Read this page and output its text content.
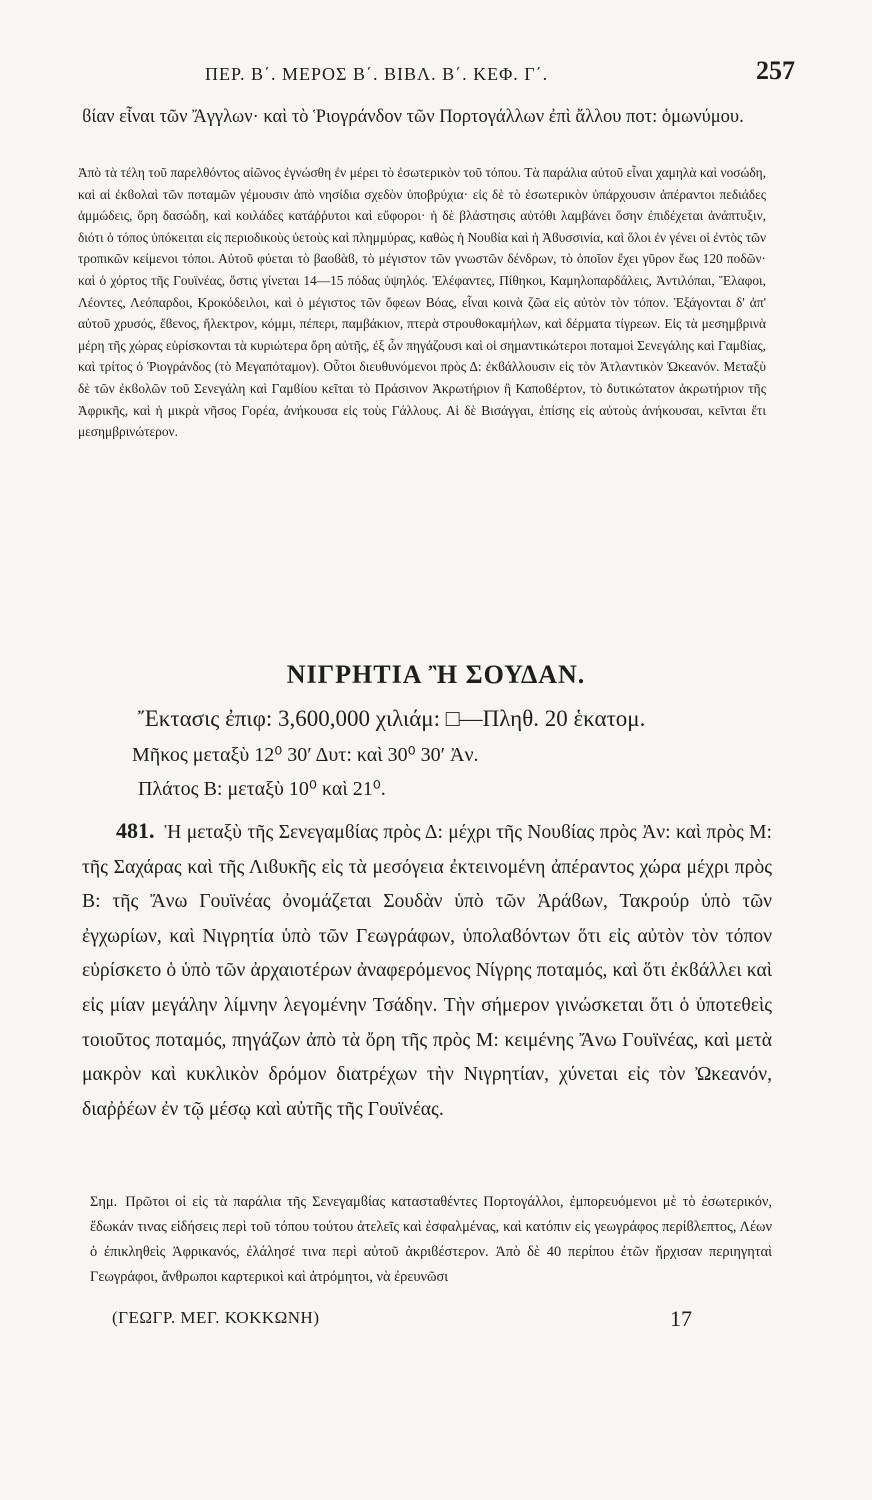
ΠΕΡ. Β΄. ΜΕΡΟΣ Β΄. ΒΙΒΛ. Β΄. ΚΕΦ. Γ΄.	257
ϐίαν εἶναι τῶν Ἄγγλων· καὶ τὸ Ῥιογράνδον τῶν Πορτογάλλων ἐπὶ ἄλλου ποτ: ὁμωνύμου.
Ἀπὸ τὰ τέλη τοῦ παρελθόντος αἰῶνος ἐγνώσθη ἐν μέρει τὸ ἐσωτερικὸν τοῦ τόπου. Τὰ παράλια αὐτοῦ εἶναι χαμηλὰ καὶ νοσώδη, καὶ αἱ ἐκϐολαὶ τῶν ποταμῶν γέμουσιν ἀπὸ νησίδια σχεδὸν ὑποβρύχια· εἰς δὲ τὸ ἐσωτερικὸν ὑπάρχουσιν ἀπέραντοι πεδιάδες ἀμμώδεις, ὄρη δασώδη, καὶ κοιλάδες κατάῤῥυτοι καὶ εὔφοροι· ἡ δὲ βλάστησις αὐτόθι λαμβάνει ὅσην ἐπιδέχεται ἀνάπτυξιν, διότι ὁ τόπος ὑπόκειται εἰς περιοδικοὺς ὑετοὺς καὶ πλημμύρας, καθὼς ἡ Νουϐία καὶ ἡ Ἀϐυσσινία, καὶ ὅλοι ἐν γένει οἱ ἐντὸς τῶν τροπικῶν κείμενοι τόποι. Αὐτοῦ φύεται τὸ βαοϐὰϐ, τὸ μέγιστον τῶν γνωστῶν δένδρων, τὸ ὁποῖον ἔχει γῦρον ἕως 120 ποδῶν· καὶ ὁ χόρτος τῆς Γουϊνέας, ὅστις γίνεται 14—15 πόδας ὑψηλός. Ἐλέφαντες, Πίθηκοι, Καμηλοπαρδάλεις, Ἀντιλόπαι, Ἔλαφοι, Λέοντες, Λεόπαρδοι, Κροκόδειλοι, καὶ ὁ μέγιστος τῶν ὄφεων Βόας, εἶναι κοινὰ ζῶα εἰς αὐτὸν τὸν τόπον. Ἐξάγονται δ' ἀπ' αὐτοῦ χρυσός, ἔϐενος, ἤλεκτρον, κόμμι, πέπερι, παμβάκιον, πτερὰ στρουθοκαμήλων, καὶ δέρματα τίγρεων. Εἰς τὰ μεσημβρινὰ μέρη τῆς χώρας εὑρίσκονται τὰ κυριώτερα ὄρη αὐτῆς, ἐξ ὧν πηγάζουσι καὶ οἱ σημαντικώτεροι ποταμοὶ Σενεγάλης καὶ Γαμϐίας, καὶ τρίτος ὁ Ῥιογράνδος (τὸ Μεγαπόταμον). Οὗτοι διευθυνόμενοι πρὸς Δ: ἐκϐάλλουσιν εἰς τὸν Ἀτλαντικὸν Ὠκεανόν. Μεταξὺ δὲ τῶν ἐκϐολῶν τοῦ Σενεγάλη καὶ Γαμϐίου κεῖται τὸ Πράσινον Ἀκρωτήριον ἢ Καποϐέρτον, τὸ δυτικώτατον ἀκρωτήριον τῆς Ἀφρικῆς, καὶ ἡ μικρὰ νῆσος Γορέα, ἀνήκουσα εἰς τοὺς Γάλλους. Αἱ δὲ Βισάγγαι, ἐπίσης εἰς αὐτοὺς ἀνήκουσαι, κεῖνται ἔτι μεσημβρινώτερον.
ΝΙΓΡΗΤΙΑ Ἢ ΣΟΥΔΑΝ.
Ἔκτασις ἐπιφ: 3,600,000 χιλιάμ: □—Πληθ. 20 ἑκατομ.
Μῆκος μεταξὺ 12⁰ 30′ Δυτ: καὶ 30⁰ 30′ Ἀν.
Πλάτος Β: μεταξὺ 10⁰ καὶ 21⁰.
481. Ἡ μεταξὺ τῆς Σενεγαμϐίας πρὸς Δ: μέχρι τῆς Νουϐίας πρὸς Ἀν: καὶ πρὸς Μ: τῆς Σαχάρας καὶ τῆς Λιϐυκῆς εἰς τὰ μεσόγεια ἐκτεινομένη ἀπέραντος χώρα μέχρι πρὸς Β: τῆς Ἄνω Γουϊνέας ὀνομάζεται Σουδὰν ὑπὸ τῶν Ἀράϐων, Τακρούρ ὑπὸ τῶν ἐγχωρίων, καὶ Νιγρητία ὑπὸ τῶν Γεωγράφων, ὑπολαϐόντων ὅτι εἰς αὐτὸν τὸν τόπον εὑρίσκετο ὁ ὑπὸ τῶν ἀρχαιοτέρων ἀναφερόμενος Νίγρης ποταμός, καὶ ὅτι ἐκϐάλλει καὶ εἰς μίαν μεγάλην λίμνην λεγομένην Τσάδην. Τὴν σήμερον γινώσκεται ὅτι ὁ ὑποτεθεὶς τοιοῦτος ποταμός, πηγάζων ἀπὸ τὰ ὄρη τῆς πρὸς Μ: κειμένης Ἄνω Γουϊνέας, καὶ μετὰ μακρὸν καὶ κυκλικὸν δρόμον διατρέχων τὴν Νιγρητίαν, χύνεται εἰς τὸν Ὠκεανόν, διαῤῥέων ἐν τῷ μέσῳ καὶ αὐτῆς τῆς Γουϊνέας.
Σημ. Πρῶτοι οἱ εἰς τὰ παράλια τῆς Σενεγαμϐίας κατασταθέντες Πορτογάλλοι, ἐμπορευόμενοι μὲ τὸ ἐσωτερικόν, ἔδωκάν τινας εἰδήσεις περὶ τοῦ τόπου τούτου ἀτελεῖς καὶ ἐσφαλμένας, καὶ κατόπιν εἰς γεωγράφος περίϐλεπτος, Λέων ὁ ἐπικληθεὶς Ἀφρικανός, ἐλάλησέ τινα περὶ αὐτοῦ ἀκριϐέστερον. Ἀπὸ δὲ 40 περίπου ἐτῶν ἤρχισαν περιηγηταὶ Γεωγράφοι, ἄνθρωποι καρτερικοὶ καὶ ἀτρόμητοι, νὰ ἐρευνῶσι
(ΓΕΩΓΡ. ΜΕΓ. ΚΟΚΚΩΝΗ)	17
